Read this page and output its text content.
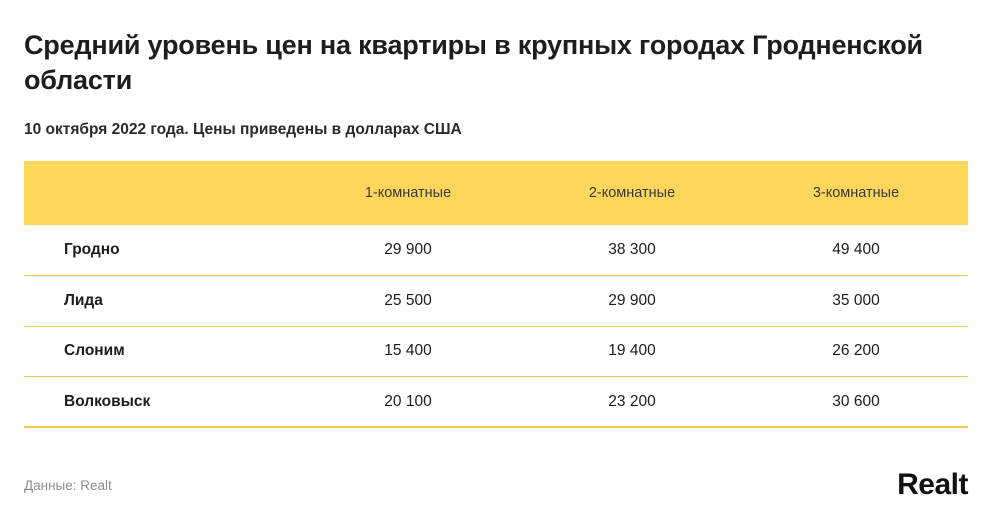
Средний уровень цен на квартиры в крупных городах Гродненской области
10 октября 2022 года. Цены приведены в долларах США
	1-комнатные	2-комнатные	3-комнатные
Гродно	29 900	38 300	49 400
Лида	25 500	29 900	35 000
Слоним	15 400	19 400	26 200
Волковыск	20 100	23 200	30 600
Данные: Realt	Realt
